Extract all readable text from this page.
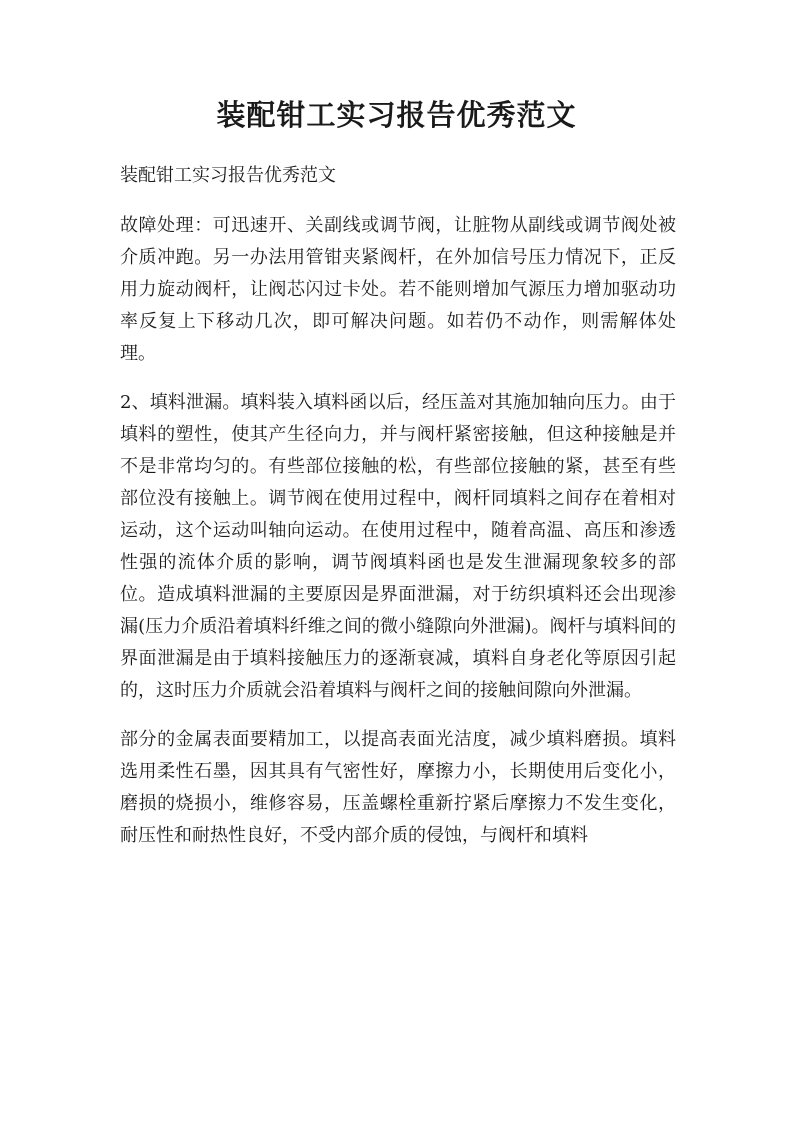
装配钳工实习报告优秀范文

装配钳工实习报告优秀范文

故障处理：可迅速开、关副线或调节阀，让脏物从副线或调节阀处被介质冲跑。另一办法用管钳夹紧阀杆，在外加信号压力情况下，正反用力旋动阀杆，让阀芯闪过卡处。若不能则增加气源压力增加驱动功率反复上下移动几次，即可解决问题。如若仍不动作，则需解体处理。

2、填料泄漏。填料装入填料函以后，经压盖对其施加轴向压力。由于填料的塑性，使其产生径向力，并与阀杆紧密接触，但这种接触是并不是非常均匀的。有些部位接触的松，有些部位接触的紧，甚至有些部位没有接触上。调节阀在使用过程中，阀杆同填料之间存在着相对运动，这个运动叫轴向运动。在使用过程中，随着高温、高压和渗透性强的流体介质的影响，调节阀填料函也是发生泄漏现象较多的部位。造成填料泄漏的主要原因是界面泄漏，对于纺织填料还会出现渗漏(压力介质沿着填料纤维之间的微小缝隙向外泄漏)。阀杆与填料间的界面泄漏是由于填料接触压力的逐渐衰减，填料自身老化等原因引起的，这时压力介质就会沿着填料与阀杆之间的接触间隙向外泄漏。

部分的金属表面要精加工，以提高表面光洁度，减少填料磨损。填料选用柔性石墨，因其具有气密性好，摩擦力小，长期使用后变化小，磨损的烧损小，维修容易，压盖螺栓重新拧紧后摩擦力不发生变化，耐压性和耐热性良好，不受内部介质的侵蚀，与阀杆和填料
